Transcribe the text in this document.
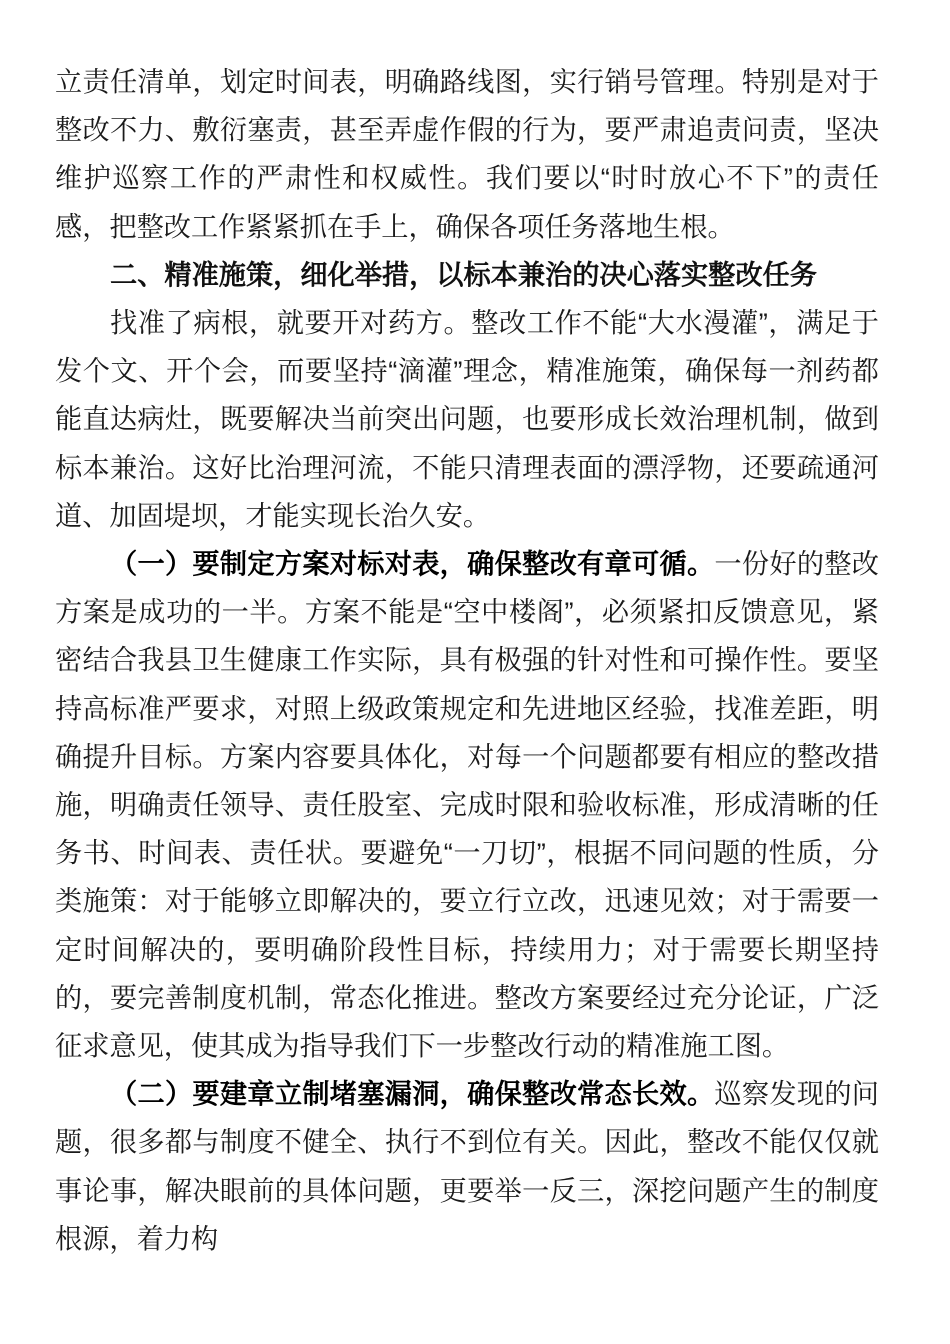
立责任清单，划定时间表，明确路线图，实行销号管理。特别是对于整改不力、敷衍塞责，甚至弄虚作假的行为，要严肃追责问责，坚决维护巡察工作的严肃性和权威性。我们要以“时时放心不下”的责任感，把整改工作紧紧抓在手上，确保各项任务落地生根。

二、精准施策，细化举措，以标本兼治的决心落实整改任务

找准了病根，就要开对药方。整改工作不能“大水漫灌”，满足于发个文、开个会，而要坚持“滴灌”理念，精准施策，确保每一剂药都能直达病灶，既要解决当前突出问题，也要形成长效治理机制，做到标本兼治。这好比治理河流，不能只清理表面的漂浮物，还要疏通河道、加固堤坝，才能实现长治久安。

（一）要制定方案对标对表，确保整改有章可循。一份好的整改方案是成功的一半。方案不能是“空中楼阁”，必须紧扣反馈意见，紧密结合我县卫生健康工作实际，具有极强的针对性和可操作性。要坚持高标准严要求，对照上级政策规定和先进地区经验，找准差距，明确提升目标。方案内容要具体化，对每一个问题都要有相应的整改措施，明确责任领导、责任股室、完成时限和验收标准，形成清晰的任务书、时间表、责任状。要避免“一刀切”，根据不同问题的性质，分类施策：对于能够立即解决的，要立行立改，迅速见效；对于需要一定时间解决的，要明确阶段性目标，持续用力；对于需要长期坚持的，要完善制度机制，常态化推进。整改方案要经过充分论证，广泛征求意见，使其成为指导我们下一步整改行动的精准施工图。

（二）要建章立制堵塞漏洞，确保整改常态长效。巡察发现的问题，很多都与制度不健全、执行不到位有关。因此，整改不能仅仅就事论事，解决眼前的具体问题，更要举一反三，深挖问题产生的制度根源，着力构
